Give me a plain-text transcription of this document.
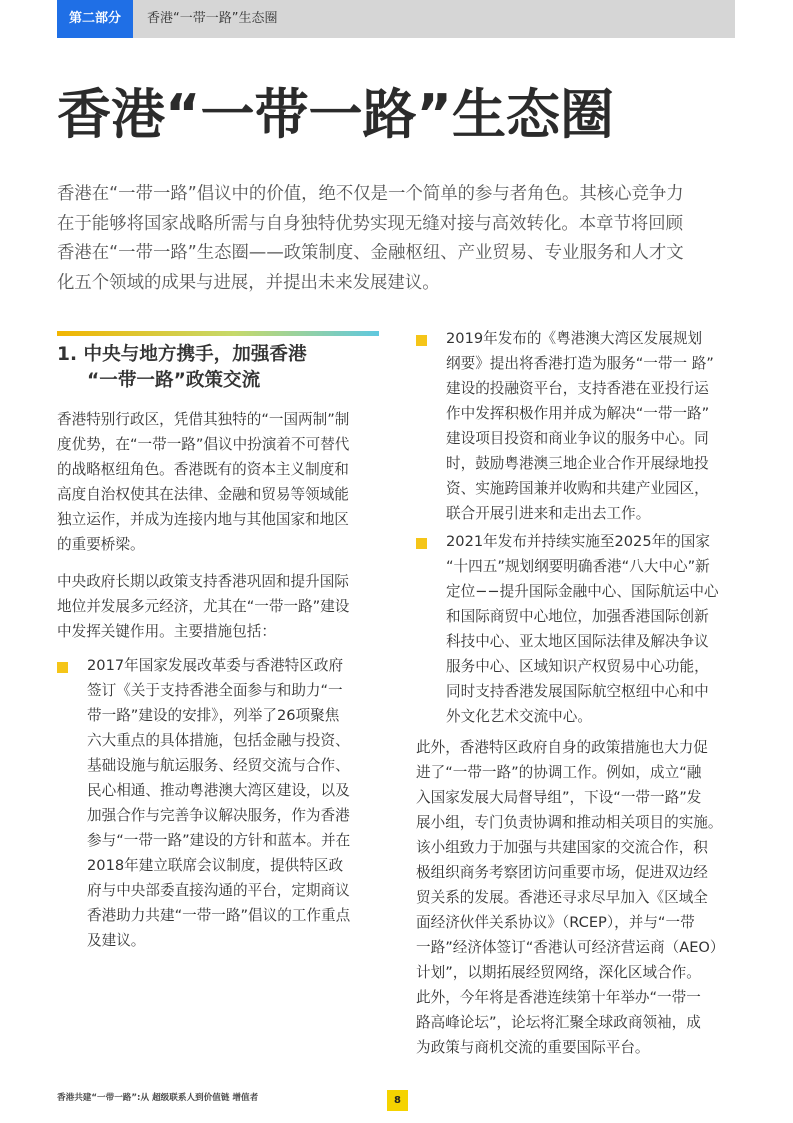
第二部分	香港“一带一路”生态圈
香港“一带一路”生态圈
香港在“一带一路”倡议中的价值，绝不仅是一个简单的参与者角色。其核心竞争力
在于能够将国家战略所需与自身独特优势实现无缝对接与高效转化。本章节将回顾
香港在“一带一路”生态圈——政策制度、金融枢纽、产业贸易、专业服务和人才文
化五个领域的成果与进展，并提出未来发展建议。
1. 中央与地方携手，加强香港
“一带一路”政策交流
香港特别行政区，凭借其独特的“一国两制”制
度优势，在“一带一路”倡议中扮演着不可替代
的战略枢纽角色。香港既有的资本主义制度和
高度自治权使其在法律、金融和贸易等领域能
独立运作，并成为连接内地与其他国家和地区
的重要桥梁。
中央政府长期以政策支持香港巩固和提升国际
地位并发展多元经济，尤其在“一带一路”建设
中发挥关键作用。主要措施包括：
2017年国家发展改革委与香港特区政府
签订《关于支持香港全面参与和助力“一
带一路”建设的安排》，列举了26项聚焦
六大重点的具体措施，包括金融与投资、
基础设施与航运服务、经贸交流与合作、
民心相通、推动粤港澳大湾区建设，以及
加强合作与完善争议解决服务，作为香港
参与“一带一路”建设的方针和蓝本。并在
2018年建立联席会议制度，提供特区政
府与中央部委直接沟通的平台，定期商议
香港助力共建“一带一路”倡议的工作重点
及建议。
2019年发布的《粤港澳大湾区发展规划
纲要》提出将香港打造为服务“一带一 路”
建设的投融资平台，支持香港在亚投行运
作中发挥积极作用并成为解决“一带一路”
建设项目投资和商业争议的服务中心。同
时，鼓励粤港澳三地企业合作开展绿地投
资、实施跨国兼并收购和共建产业园区，
联合开展引进来和走出去工作。
2021年发布并持续实施至2025年的国家
“十四五”规划纲要明确香港“八大中心”新
定位−−提升国际金融中心、国际航运中心
和国际商贸中心地位，加强香港国际创新
科技中心、亚太地区国际法律及解决争议
服务中心、区域知识产权贸易中心功能，
同时支持香港发展国际航空枢纽中心和中
外文化艺术交流中心。
此外，香港特区政府自身的政策措施也大力促
进了“一带一路”的协调工作。例如，成立“融
入国家发展大局督导组”，下设“一带一路”发
展小组，专门负责协调和推动相关项目的实施。
该小组致力于加强与共建国家的交流合作，积
极组织商务考察团访问重要市场，促进双边经
贸关系的发展。香港还寻求尽早加入《区域全
面经济伙伴关系协议》（RCEP），并与“一带
一路”经济体签订“香港认可经济营运商（AEO）
计划”，以期拓展经贸网络，深化区域合作。
此外，今年将是香港连续第十年举办“一带一
路高峰论坛”，论坛将汇聚全球政商领袖，成
为政策与商机交流的重要国际平台。
香港共建“一带一路”:从 超级联系人到价值链 增值者	8
